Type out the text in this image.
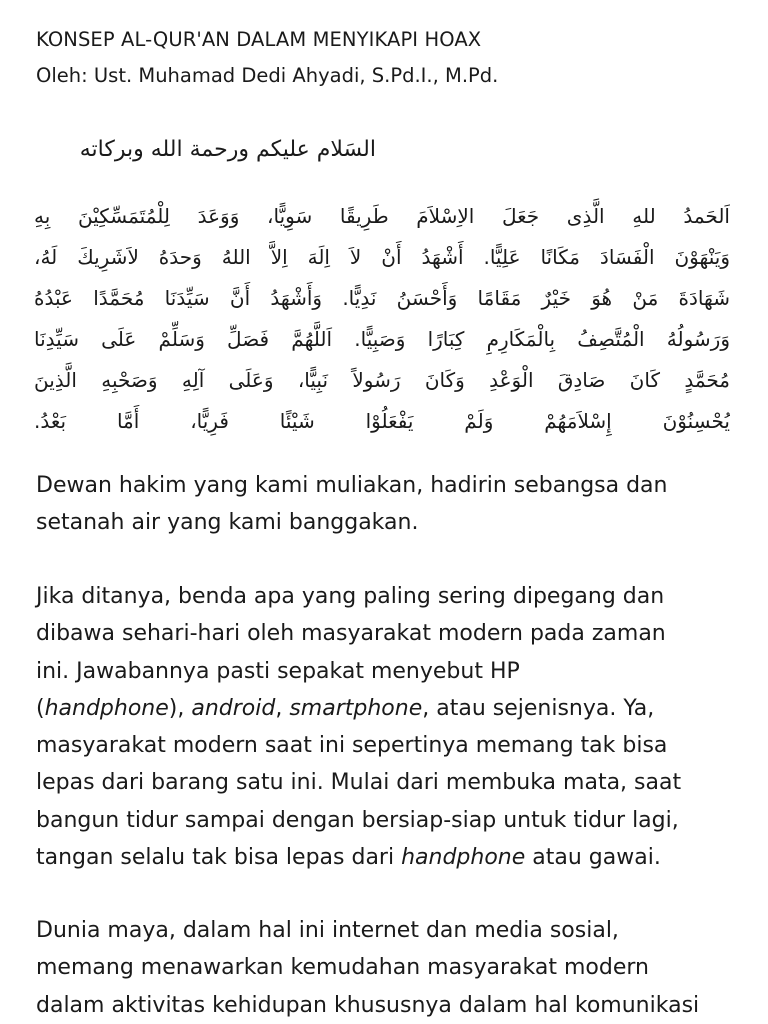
KONSEP AL-QUR'AN DALAM MENYIKAPI HOAX
Oleh: Ust. Muhamad Dedi Ahyadi, S.Pd.I., M.Pd.
السَلام عليكم ورحمة الله وبركاته
اَلحَمدُ للهِ الَّذِى جَعَلَ الاِسْلاَمَ طَرِيقًا سَوِيًّا، وَوَعَدَ لِلْمُتَمَسِّكِيْنَ بِهِ
وَيَنْهَوْنَ الْفَسَادَ مَكَانًا عَلِيًّا. أَشْهَدُ أَنْ لاَ اِلَهَ اِلاَّ اللهُ وَحدَهُ لاَشَرِيكَ لَهُ،
شَهَادَةَ مَنْ هُوَ خَيْرٌ مَقَامًا وَأَحْسَنُ نَدِيًّا. وَأَشْهَدُ أَنَّ سَيِّدَنَا مُحَمَّدًا عَبْدُهُ
وَرَسُولُهُ الْمُتَّصِفُ بِالْمَكَارِمِ كِبَارًا وَصَبِيًّا. اَللَّهُمَّ فَصَلِّ وَسَلِّمْ عَلَى سَيِّدِنَا
مُحَمَّدٍ كَانَ صَادِقَ الْوَعْدِ وَكَانَ رَسُولاً نَبِيًّا، وَعَلَى آلِهِ وَصَحْبِهِ الَّذِينَ
يُحْسِنُوْنَ إِسْلاَمَهُمْ وَلَمْ يَفْعَلُوْا شَيْئًا فَرِيًّا، أَمَّا بَعْدُ.
Dewan hakim yang kami muliakan, hadirin sebangsa dan
setanah air yang kami banggakan.
Jika ditanya, benda apa yang paling sering dipegang dan
dibawa sehari-hari oleh masyarakat modern pada zaman
ini. Jawabannya pasti sepakat menyebut HP
(handphone), android, smartphone, atau sejenisnya. Ya,
masyarakat modern saat ini sepertinya memang tak bisa
lepas dari barang satu ini. Mulai dari membuka mata, saat
bangun tidur sampai dengan bersiap-siap untuk tidur lagi,
tangan selalu tak bisa lepas dari handphone atau gawai.
Dunia maya, dalam hal ini internet dan media sosial,
memang menawarkan kemudahan masyarakat modern
dalam aktivitas kehidupan khususnya dalam hal komunikasi
